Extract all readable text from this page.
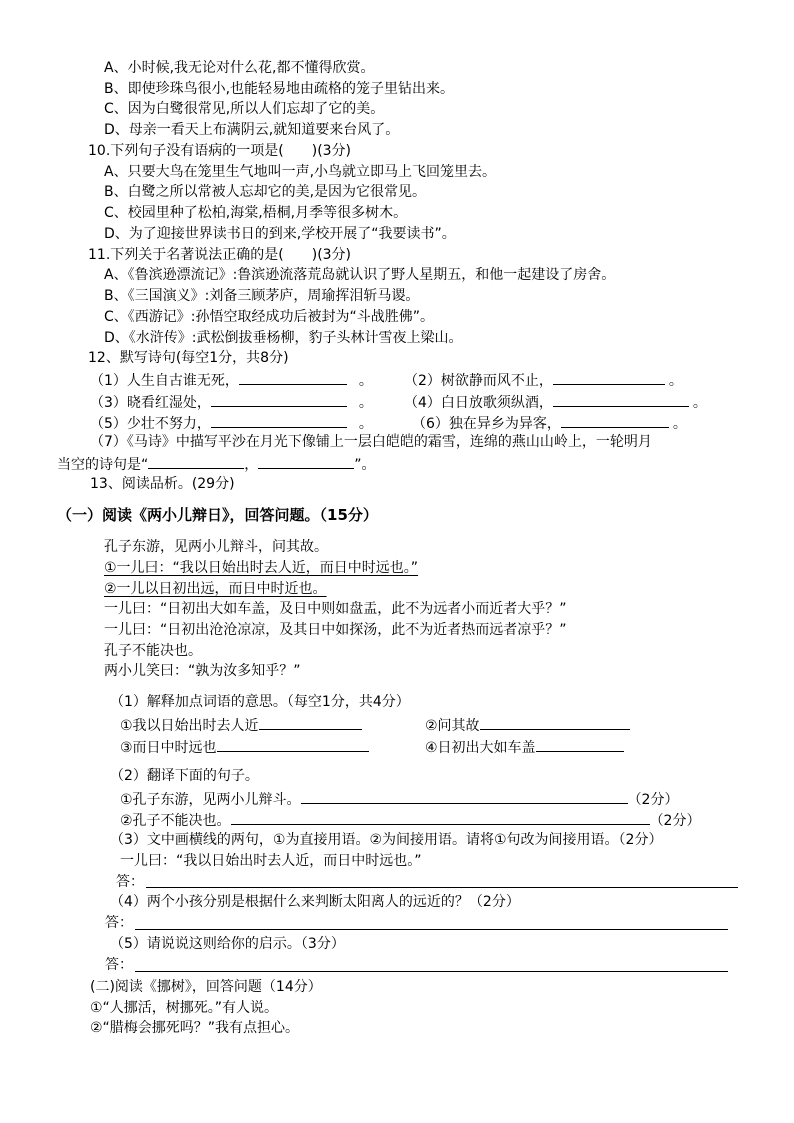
A、小时候,我无论对什么花,都不懂得欣赏。
B、即使珍珠鸟很小,也能轻易地由疏格的笼子里钻出来。
C、因为白鹭很常见,所以人们忘却了它的美。
D、母亲一看天上布满阴云,就知道要来台风了。
10.下列句子没有语病的一项是(　　)(3分)
A、只要大鸟在笼里生气地叫一声,小鸟就立即马上飞回笼里去。
B、白鹭之所以常被人忘却它的美,是因为它很常见。
C、校园里种了松柏,海棠,梧桐,月季等很多树木。
D、为了迎接世界读书日的到来,学校开展了“我要读书”。
11.下列关于名著说法正确的是(　　)(3分)
A、《鲁滨逊漂流记》:鲁滨逊流落荒岛就认识了野人星期五，和他一起建设了房舍。
B、《三国演义》:刘备三顾茅庐，周瑜挥泪斩马谡。
C、《西游记》:孙悟空取经成功后被封为“斗战胜佛”。
D、《水浒传》:武松倒拔垂杨柳，豹子头林计雪夜上梁山。
12、默写诗句(每空1分，共8分)
（1）人生自古谁无死，	。 （2）树欲静而风不止，	。
（3）晓看红湿处，	。 （4）白日放歌须纵酒，	。
（5）少壮不努力，	。	（6）独在异乡为异客，	。
（7）《马诗》中描写平沙在月光下像铺上一层白皑皑的霜雪，连绵的燕山山岭上，一轮明月
当空的诗句是“	，	”。
13、阅读品析。(29分)
（一）阅读《两小儿辩日》，回答问题。（15分）
孔子东游，见两小儿辩斗，问其故。
①一儿曰：“我以日始出时去人近，而日中时远也。”
②一儿以日初出远，而日中时近也。
一儿曰：“日初出大如车盖，及日中则如盘盂，此不为远者小而近者大乎？”
一儿曰：“日初出沧沧凉凉，及其日中如探汤，此不为近者热而远者凉乎？”
孔子不能决也。
两小儿笑曰：“孰为汝多知乎？”
（1）解释加点词语的意思。（每空1分，共4分）
①我以日始出时去人近	②问其故
③而日中时远也	④日初出大如车盖
（2）翻译下面的句子。
①孔子东游，见两小儿辩斗。	（2分）
②孔子不能决也。	（2分）
（3）文中画横线的两句，①为直接用语。②为间接用语。请将①句改为间接用语。（2分）
一儿曰：“我以日始出时去人近，而日中时远也。”
答：
（4）两个小孩分别是根据什么来判断太阳离人的远近的？（2分）
答：
（5）请说说这则给你的启示。（3分）
答：
(二)阅读《挪树》，回答问题（14分）
①“人挪活，树挪死。”有人说。
②“腊梅会挪死吗？”我有点担心。
